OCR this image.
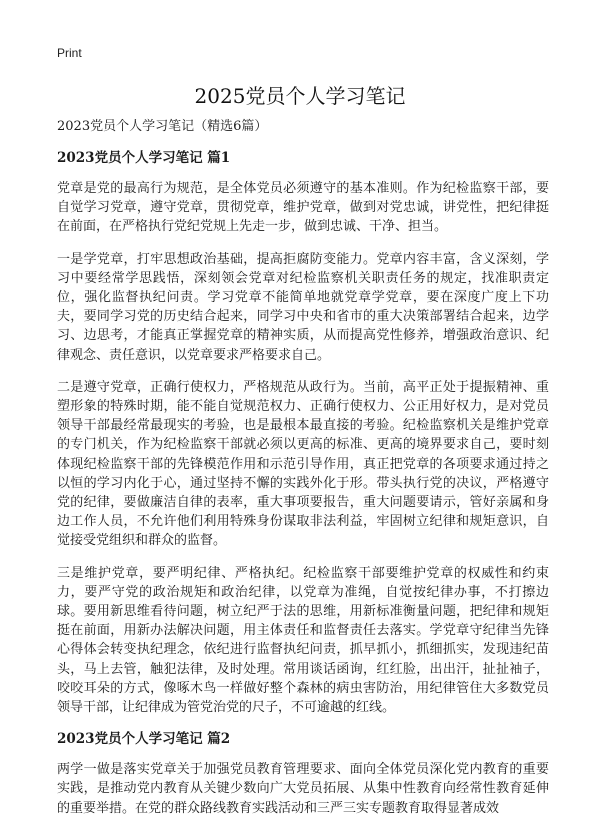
Print
2025党员个人学习笔记

2023党员个人学习笔记（精选6篇）

2023党员个人学习笔记 篇1

党章是党的最高行为规范，是全体党员必须遵守的基本准则。作为纪检监察干部，要自觉学习党章，遵守党章，贯彻党章，维护党章，做到对党忠诚，讲党性，把纪律挺在前面，在严格执行党纪党规上先走一步，做到忠诚、干净、担当。

一是学党章，打牢思想政治基础，提高拒腐防变能力。党章内容丰富，含义深刻，学习中要经常学思践悟，深刻领会党章对纪检监察机关职责任务的规定，找准职责定位，强化监督执纪问责。学习党章不能简单地就党章学党章，要在深度广度上下功夫，要同学习党的历史结合起来，同学习中央和省市的重大决策部署结合起来，边学习、边思考，才能真正掌握党章的精神实质，从而提高党性修养，增强政治意识、纪律观念、责任意识，以党章要求严格要求自己。

二是遵守党章，正确行使权力，严格规范从政行为。当前，高平正处于提振精神、重塑形象的特殊时期，能不能自觉规范权力、正确行使权力、公正用好权力，是对党员领导干部最经常最现实的考验，也是最根本最直接的考验。纪检监察机关是维护党章的专门机关，作为纪检监察干部就必须以更高的标准、更高的境界要求自己，要时刻体现纪检监察干部的先锋模范作用和示范引导作用，真正把党章的各项要求通过持之以恒的学习内化于心，通过坚持不懈的实践外化于形。带头执行党的决议，严格遵守党的纪律，要做廉洁自律的表率，重大事项要报告，重大问题要请示，管好亲属和身边工作人员，不允许他们利用特殊身份谋取非法利益，牢固树立纪律和规矩意识，自觉接受党组织和群众的监督。

三是维护党章，要严明纪律、严格执纪。纪检监察干部要维护党章的权威性和约束力，要严守党的政治规矩和政治纪律，以党章为准绳，自觉按纪律办事，不打擦边球。要用新思维看待问题，树立纪严于法的思维，用新标准衡量问题，把纪律和规矩挺在前面，用新办法解决问题，用主体责任和监督责任去落实。学党章守纪律当先锋心得体会转变执纪理念，依纪进行监督执纪问责，抓早抓小，抓细抓实，发现违纪苗头，马上去管，触犯法律，及时处理。常用谈话函询，红红脸，出出汗，扯扯袖子，咬咬耳朵的方式，像啄木鸟一样做好整个森林的病虫害防治，用纪律管住大多数党员领导干部，让纪律成为管党治党的尺子，不可逾越的红线。

2023党员个人学习笔记 篇2

两学一做是落实党章关于加强党员教育管理要求、面向全体党员深化党内教育的重要实践，是推动党内教育从关键少数向广大党员拓展、从集中性教育向经常性教育延伸的重要举措。在党的群众路线教育实践活动和三严三实专题教育取得显著成效
